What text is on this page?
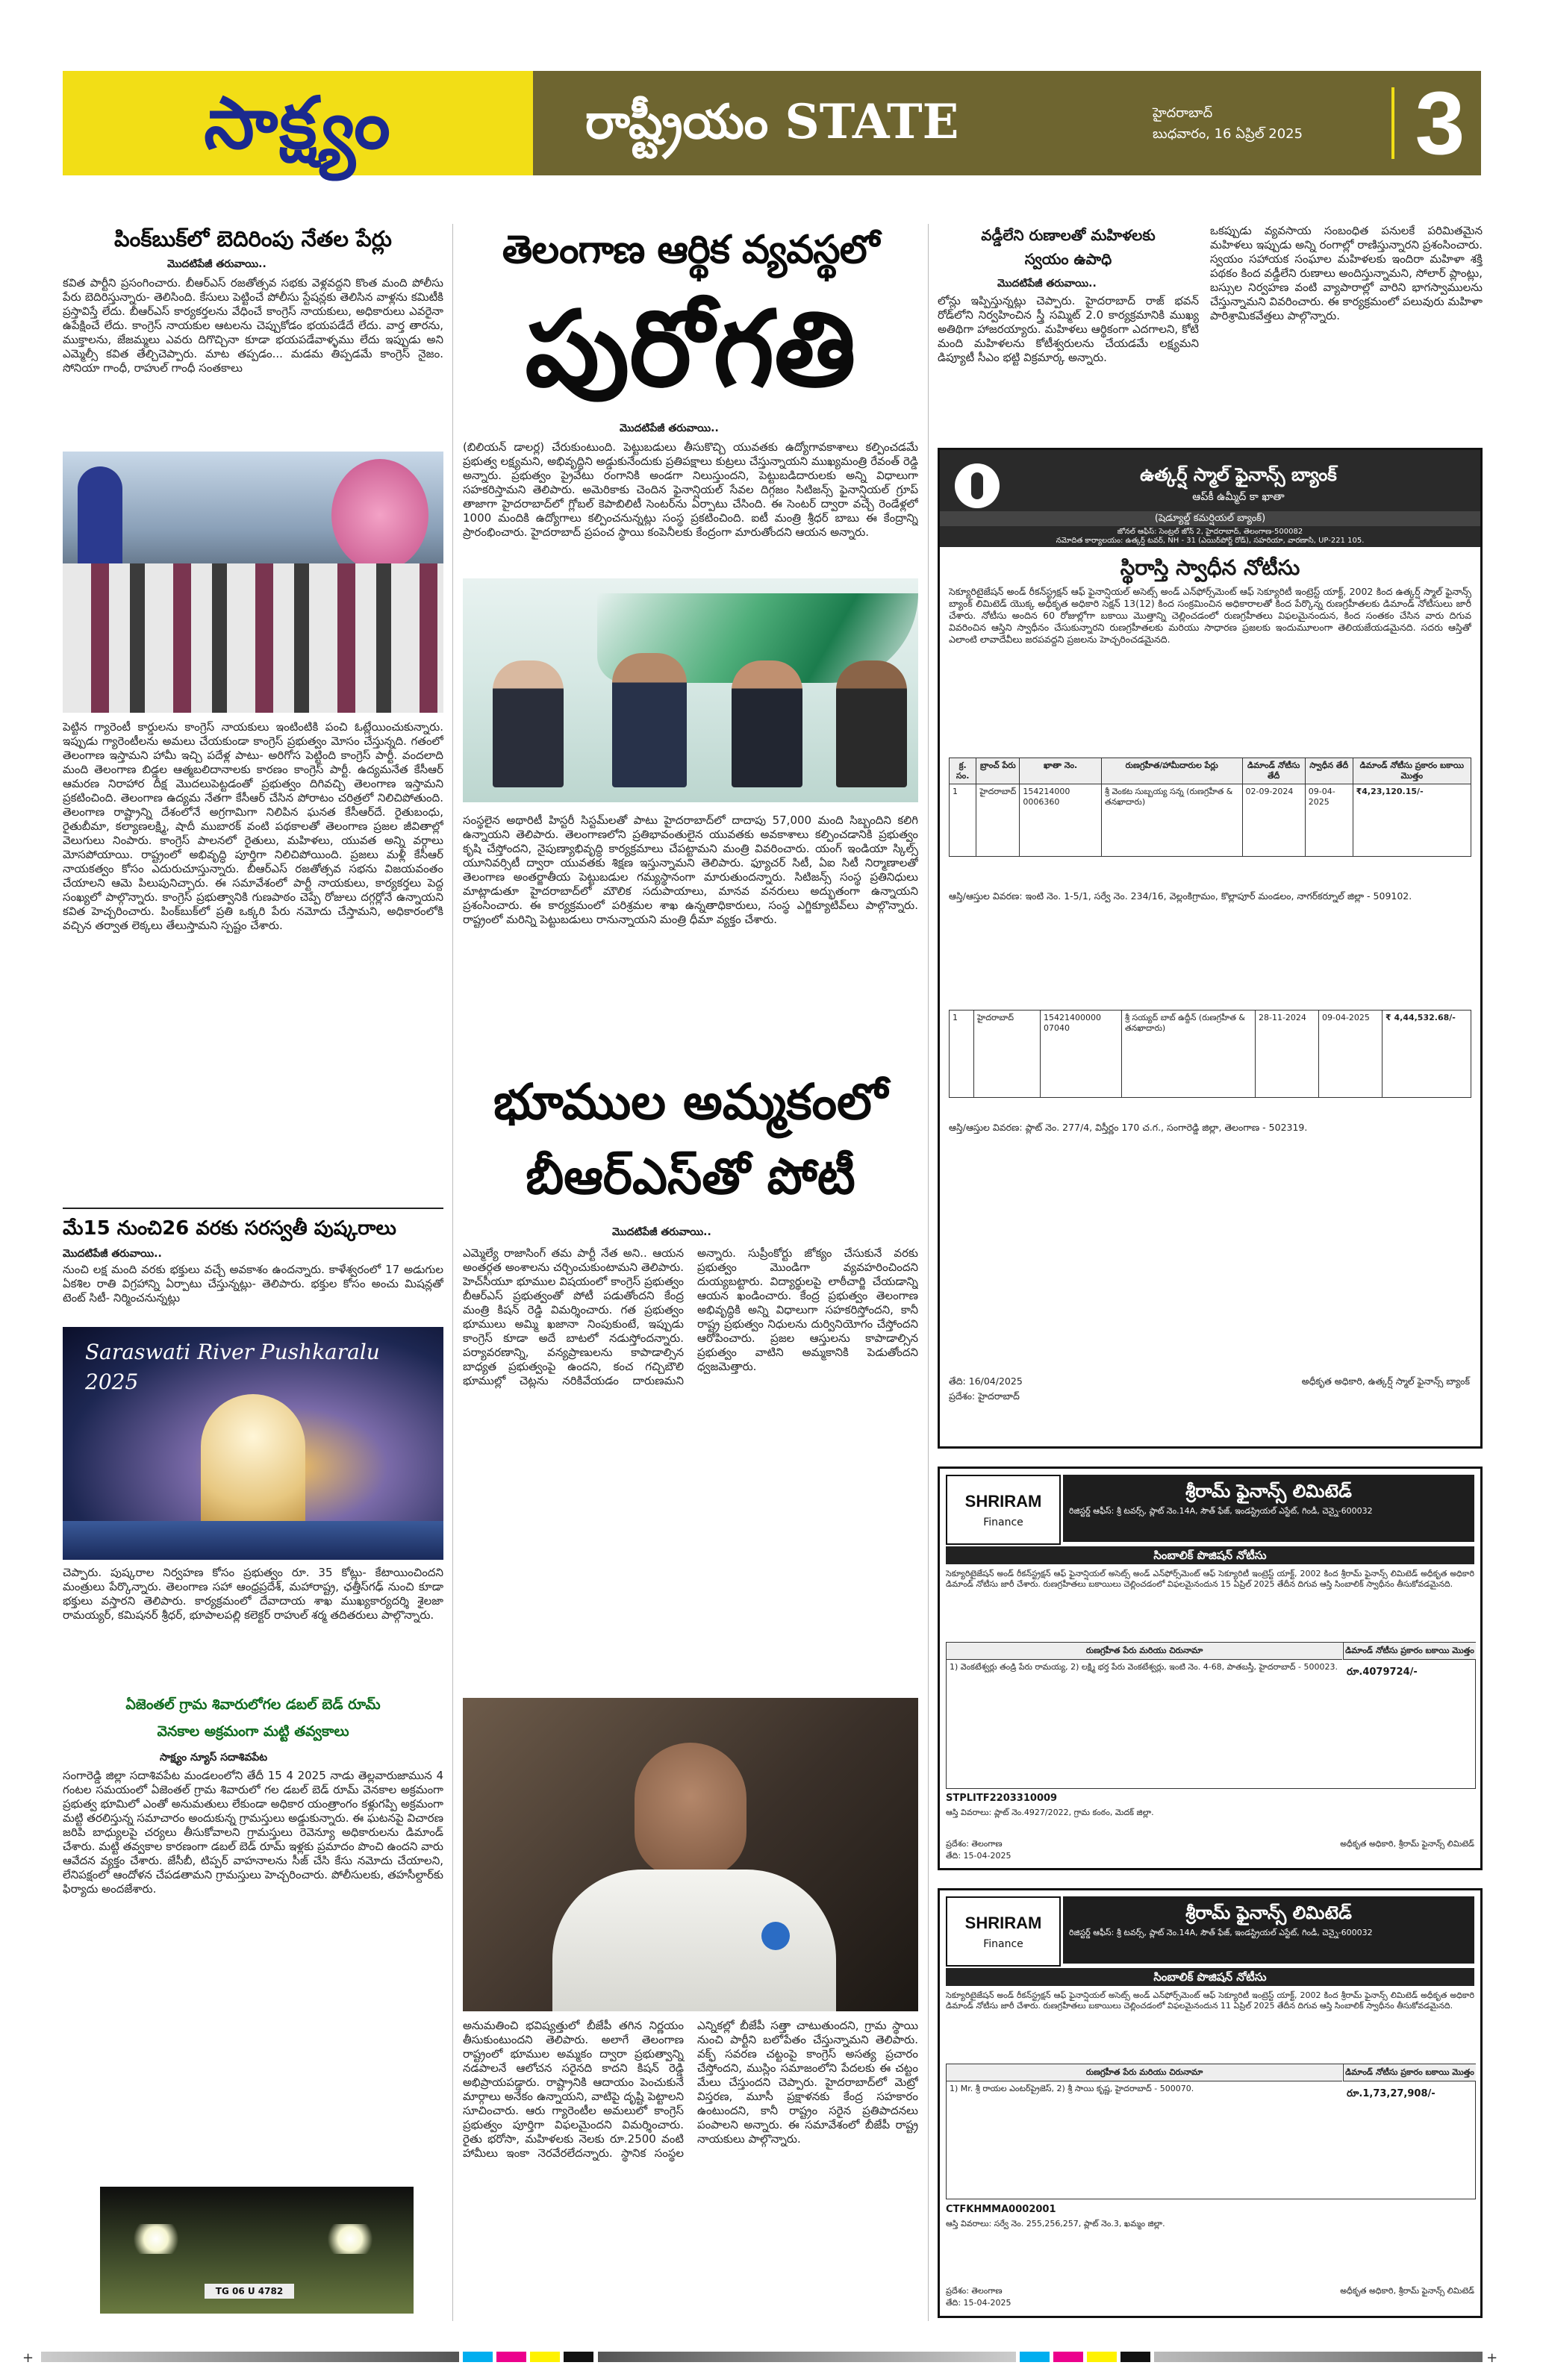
సాక్ష్యం	రాష్ట్రీయం STATE	హైదరాబాద్
బుధవారం, 16 ఏప్రిల్ 2025	3
పింక్‌బుక్‌లో బెదిరింపు నేతల పేర్లు
మొదటిపేజీ తరువాయి..
కవిత పార్టీని ప్రసంగించారు. బీఆర్‌ఎస్ రజతోత్సవ సభకు వెళ్లవద్దని కొంత మంది పోలీసు పేరు బెదిరిస్తున్నారు- తెలిసింది. కేసులు పెట్టించే పోలీసు స్టేషన్లకు తెలిసిన వాళ్లను కమిటీకి ప్రస్తావిస్తే లేదు. బీఆర్‌ఎస్ కార్యకర్తలను వేధించే కాంగ్రెస్ నాయకులు, అధికారులు ఎవరైనా ఉపేక్షించే లేదు. కాంగ్రెస్ నాయకుల ఆటలను చెప్పుకోడం భయపడేదే లేదు. వార్త తారను, ముక్తాలను, జేజమ్మలు ఎవరు దిగొచ్చినా కూడా భయపడేవాళ్ళము లేదు ఇప్పుడు అని ఎమ్మెల్సీ కవిత తేల్చిచెప్పారు. మాట తప్పడం... మడమ తిప్పడమే కాంగ్రెస్ నైజం. సోనియా గాంధీ, రాహుల్ గాంధీ సంతకాలు
పెట్టిన గ్యారెంటీ కార్డులను కాంగ్రెస్ నాయకులు ఇంటింటికి పంచి ఓట్లేయించుకున్నారు. ఇప్పుడు గ్యారెంటీలను అమలు చేయకుండా కాంగ్రెస్ ప్రభుత్వం మోసం చేస్తున్నది. గతంలో తెలంగాణ ఇస్తామని హామీ ఇచ్చి పదేళ్ల పాటు- అరిగోస పెట్టింది కాంగ్రెస్ పార్టీ. వందలాది మంది తెలంగాణ బిడ్డల ఆత్మబలిదానాలకు కారణం కాంగ్రెస్ పార్టీ. ఉద్యమనేత కేసీఆర్ ఆమరణ నిరాహార దీక్ష మొదలుపెట్టడంతో ప్రభుత్వం దిగివచ్చి తెలంగాణ ఇస్తామని ప్రకటించింది. తెలంగాణ ఉద్యమ నేతగా కేసీఆర్ చేసిన పోరాటం చరిత్రలో నిలిచిపోతుంది. తెలంగాణ రాష్ట్రాన్ని దేశంలోనే అగ్రగామిగా నిలిపిన ఘనత కేసీఆర్‌దే. రైతుబంధు, రైతుబీమా, కల్యాణలక్ష్మి, షాదీ ముబారక్ వంటి పథకాలతో తెలంగాణ ప్రజల జీవితాల్లో వెలుగులు నింపారు. కాంగ్రెస్ పాలనలో రైతులు, మహిళలు, యువత అన్ని వర్గాలు మోసపోయాయి. రాష్ట్రంలో అభివృద్ధి పూర్తిగా నిలిచిపోయింది. ప్రజలు మళ్లీ కేసీఆర్ నాయకత్వం కోసం ఎదురుచూస్తున్నారు. బీఆర్‌ఎస్ రజతోత్సవ సభను విజయవంతం చేయాలని ఆమె పిలుపునిచ్చారు. ఈ సమావేశంలో పార్టీ నాయకులు, కార్యకర్తలు పెద్ద సంఖ్యలో పాల్గొన్నారు. కాంగ్రెస్ ప్రభుత్వానికి గుణపాఠం చెప్పే రోజులు దగ్గర్లోనే ఉన్నాయని కవిత హెచ్చరించారు. పింక్‌బుక్‌లో ప్రతి ఒక్కరి పేరు నమోదు చేస్తామని, అధికారంలోకి వచ్చిన తర్వాత లెక్కలు తేలుస్తామని స్పష్టం చేశారు.
మే15 నుంచి26 వరకు సరస్వతీ పుష్కరాలు
మొదటిపేజీ తరువాయి..
నుంచి లక్ష మంది వరకు భక్తులు వచ్చే అవకాశం ఉందన్నారు. కాళేశ్వరంలో 17 అడుగుల ఏకశిల రాతి విగ్రహాన్ని ఏర్పాటు చేస్తున్నట్లు- తెలిపారు. భక్తుల కోసం అంచు మిషన్లతో టెంట్ సిటీ- నిర్మించనున్నట్లు
Saraswati River Pushkaralu 2025
చెప్పారు. పుష్కరాల నిర్వహణ కోసం ప్రభుత్వం రూ. 35 కోట్లు- కేటాయించిందని మంత్రులు పేర్కొన్నారు. తెలంగాణ సహా ఆంధ్రప్రదేశ్, మహారాష్ట్ర, ఛత్తీస్‌గఢ్ నుంచి కూడా భక్తులు వస్తారని తెలిపారు. కార్యక్రమంలో దేవాదాయ శాఖ ముఖ్యకార్యదర్శి శైలజా రామయ్యర్, కమిషనర్ శ్రీధర్, భూపాలపల్లి కలెక్టర్ రాహుల్ శర్మ తదితరులు పాల్గొన్నారు.
ఏజెంతల్ గ్రామ శివారులోగల డబల్ బెడ్ రూమ్
వెనకాల అక్రమంగా మట్టి తవ్వకాలు
సాక్ష్యం న్యూస్ సదాశివపేట
సంగారెడ్డి జిల్లా సదాశివపేట మండలంలోని తేదీ 15 4 2025 నాడు తెల్లవారుజామున 4 గంటల సమయంలో ఏజెంతల్ గ్రామ శివారులో గల డబల్ బెడ్ రూమ్ వెనకాల అక్రమంగా ప్రభుత్వ భూమిలో ఎంతో అనుమతులు లేకుండా అధికార యంత్రాంగం కళ్లుగప్పి అక్రమంగా మట్టి తరలిస్తున్న సమాచారం అందుకున్న గ్రామస్తులు అడ్డుకున్నారు. ఈ ఘటనపై విచారణ జరిపి బాధ్యులపై చర్యలు తీసుకోవాలని గ్రామస్తులు రెవెన్యూ అధికారులను డిమాండ్ చేశారు. మట్టి తవ్వకాల కారణంగా డబల్ బెడ్ రూమ్ ఇళ్లకు ప్రమాదం పొంచి ఉందని వారు ఆవేదన వ్యక్తం చేశారు. జేసీబీ, టిప్పర్ వాహనాలను సీజ్ చేసి కేసు నమోదు చేయాలని, లేనిపక్షంలో ఆందోళన చేపడతామని గ్రామస్తులు హెచ్చరించారు. పోలీసులకు, తహసీల్దార్‌కు ఫిర్యాదు అందజేశారు.
TG 06 U 4782
తెలంగాణ ఆర్థిక వ్యవస్థలో
పురోగతి
మొదటిపేజీ తరువాయి..
(బిలియన్ డాలర్ల) చేరుకుంటుంది. పెట్టుబడులు తీసుకొచ్చి యువతకు ఉద్యోగావకాశాలు కల్పించడమే ప్రభుత్వ లక్ష్యమని, అభివృద్ధిని అడ్డుకునేందుకు ప్రతిపక్షాలు కుట్రలు చేస్తున్నాయని ముఖ్యమంత్రి రేవంత్ రెడ్డి అన్నారు. ప్రభుత్వం ప్రైవేటు రంగానికి అండగా నిలుస్తుందని, పెట్టుబడిదారులకు అన్ని విధాలుగా సహకరిస్తామని తెలిపారు. అమెరికాకు చెందిన ఫైనాన్షియల్ సేవల దిగ్గజం సిటిజన్స్ ఫైనాన్షియల్ గ్రూప్ తాజాగా హైదరాబాద్‌లో గ్లోబల్ కెపాబిలిటీ సెంటర్‌ను ఏర్పాటు చేసింది. ఈ సెంటర్ ద్వారా వచ్చే రెండేళ్లలో 1000 మందికి ఉద్యోగాలు కల్పించనున్నట్లు సంస్థ ప్రకటించింది. ఐటీ మంత్రి శ్రీధర్ బాబు ఈ కేంద్రాన్ని ప్రారంభించారు. హైదరాబాద్ ప్రపంచ స్థాయి కంపెనీలకు కేంద్రంగా మారుతోందని ఆయన అన్నారు.
సంస్థలైన అథారిటీ హిస్టరీ సిస్టమ్‌లతో పాటు హైదరాబాద్‌లో దాదాపు 57,000 మంది సిబ్బందిని కలిగి ఉన్నాయని తెలిపారు. తెలంగాణలోని ప్రతిభావంతులైన యువతకు అవకాశాలు కల్పించడానికి ప్రభుత్వం కృషి చేస్తోందని, నైపుణ్యాభివృద్ధి కార్యక్రమాలు చేపట్టామని మంత్రి వివరించారు. యంగ్ ఇండియా స్కిల్స్ యూనివర్సిటీ ద్వారా యువతకు శిక్షణ ఇస్తున్నామని తెలిపారు. ఫ్యూచర్ సిటీ, ఏఐ సిటీ నిర్మాణాలతో తెలంగాణ అంతర్జాతీయ పెట్టుబడుల గమ్యస్థానంగా మారుతుందన్నారు. సిటిజన్స్ సంస్థ ప్రతినిధులు మాట్లాడుతూ హైదరాబాద్‌లో మౌలిక సదుపాయాలు, మానవ వనరులు అద్భుతంగా ఉన్నాయని ప్రశంసించారు. ఈ కార్యక్రమంలో పరిశ్రమల శాఖ ఉన్నతాధికారులు, సంస్థ ఎగ్జిక్యూటివ్‌లు పాల్గొన్నారు. రాష్ట్రంలో మరిన్ని పెట్టుబడులు రానున్నాయని మంత్రి ధీమా వ్యక్తం చేశారు.
భూముల అమ్మకంలో
బీఆర్ఎస్‌తో పోటీ
మొదటిపేజీ తరువాయి..
ఎమ్మెల్యే రాజాసింగ్ తమ పార్టీ నేత అని.. ఆయన అంతర్గత అంశాలను చర్చించుకుంటామని తెలిపారు. హెచ్‌సీయూ భూముల విషయంలో కాంగ్రెస్ ప్రభుత్వం బీఆర్ఎస్ ప్రభుత్వంతో పోటీ పడుతోందని కేంద్ర మంత్రి కిషన్ రెడ్డి విమర్శించారు. గత ప్రభుత్వం భూములు అమ్మి ఖజానా నింపుకుంటే, ఇప్పుడు కాంగ్రెస్ కూడా అదే బాటలో నడుస్తోందన్నారు. పర్యావరణాన్ని, వన్యప్రాణులను కాపాడాల్సిన బాధ్యత ప్రభుత్వంపై ఉందని, కంచ గచ్చిబౌలి భూముల్లో చెట్లను నరికివేయడం దారుణమని అన్నారు. సుప్రీంకోర్టు జోక్యం చేసుకునే వరకు ప్రభుత్వం మొండిగా వ్యవహరించిందని దుయ్యబట్టారు. విద్యార్థులపై లాఠీచార్జి చేయడాన్ని ఆయన ఖండించారు. కేంద్ర ప్రభుత్వం తెలంగాణ అభివృద్ధికి అన్ని విధాలుగా సహకరిస్తోందని, కానీ రాష్ట్ర ప్రభుత్వం నిధులను దుర్వినియోగం చేస్తోందని ఆరోపించారు. ప్రజల ఆస్తులను కాపాడాల్సిన ప్రభుత్వం వాటిని అమ్మకానికి పెడుతోందని ధ్వజమెత్తారు.
అనుమతించి భవిష్యత్తులో బీజేపీ తగిన నిర్ణయం తీసుకుంటుందని తెలిపారు. అలాగే తెలంగాణ రాష్ట్రంలో భూముల అమ్మకం ద్వారా ప్రభుత్వాన్ని నడపాలనే ఆలోచన సరైనది కాదని కిషన్ రెడ్డి అభిప్రాయపడ్డారు. రాష్ట్రానికి ఆదాయం పెంచుకునే మార్గాలు అనేకం ఉన్నాయని, వాటిపై దృష్టి పెట్టాలని సూచించారు. ఆరు గ్యారెంటీల అమలులో కాంగ్రెస్ ప్రభుత్వం పూర్తిగా విఫలమైందని విమర్శించారు. రైతు భరోసా, మహిళలకు నెలకు రూ.2500 వంటి హామీలు ఇంకా నెరవేరలేదన్నారు. స్థానిక సంస్థల ఎన్నికల్లో బీజేపీ సత్తా చాటుతుందని, గ్రామ స్థాయి నుంచి పార్టీని బలోపేతం చేస్తున్నామని తెలిపారు. వక్ఫ్ సవరణ చట్టంపై కాంగ్రెస్ అసత్య ప్రచారం చేస్తోందని, ముస్లిం సమాజంలోని పేదలకు ఈ చట్టం మేలు చేస్తుందని చెప్పారు. హైదరాబాద్‌లో మెట్రో విస్తరణ, మూసీ ప్రక్షాళనకు కేంద్ర సహకారం ఉంటుందని, కానీ రాష్ట్రం సరైన ప్రతిపాదనలు పంపాలని అన్నారు. ఈ సమావేశంలో బీజేపీ రాష్ట్ర నాయకులు పాల్గొన్నారు.
వడ్డీలేని రుణాలతో మహిళలకు
స్వయం ఉపాధి
మొదటిపేజీ తరువాయి..
లోన్లు ఇప్పిస్తున్నట్లు చెప్పారు. హైదరాబాద్ రాజ్ భవన్ రోడ్‌లోని నిర్వహించిన స్త్రీ సమ్మిట్ 2.0 కార్యక్రమానికి ముఖ్య అతిథిగా హాజరయ్యారు. మహిళలు ఆర్థికంగా ఎదగాలని, కోటి మంది మహిళలను కోటీశ్వరులను చేయడమే లక్ష్యమని డిప్యూటీ సీఎం భట్టి విక్రమార్క అన్నారు.
ఒకప్పుడు వ్యవసాయ సంబంధిత పనులకే పరిమితమైన మహిళలు ఇప్పుడు అన్ని రంగాల్లో రాణిస్తున్నారని ప్రశంసించారు. స్వయం సహాయక సంఘాల మహిళలకు ఇందిరా మహిళా శక్తి పథకం కింద వడ్డీలేని రుణాలు అందిస్తున్నామని, సోలార్ ప్లాంట్లు, బస్సుల నిర్వహణ వంటి వ్యాపారాల్లో వారిని భాగస్వాములను చేస్తున్నామని వివరించారు. ఈ కార్యక్రమంలో పలువురు మహిళా పారిశ్రామికవేత్తలు పాల్గొన్నారు.
ఉత్కర్ష్ స్మాల్ ఫైనాన్స్ బ్యాంక్
ఆప్‌కీ ఉమ్మీద్ కా ఖాతా
(షెడ్యూల్డ్ కమర్షియల్ బ్యాంక్)
జోనల్ ఆఫీస్: సెంట్రల్ జోన్ 2, హైదరాబాద్, తెలంగాణ-500082
నమోదిత కార్యాలయం: ఉత్కర్ష్ టవర్, NH - 31 (ఎయిర్‌పోర్ట్ రోడ్), సహరియా, వారణాసి, UP-221 105.
స్థిరాస్తి స్వాధీన నోటీసు
సెక్యూరిటైజేషన్ అండ్ రీకన్‌స్ట్రక్షన్ ఆఫ్ ఫైనాన్షియల్ అసెట్స్ అండ్ ఎన్‌ఫోర్స్‌మెంట్ ఆఫ్ సెక్యూరిటీ ఇంట్రెస్ట్ యాక్ట్, 2002 కింద ఉత్కర్ష్ స్మాల్ ఫైనాన్స్ బ్యాంక్ లిమిటెడ్ యొక్క అధీకృత అధికారి సెక్షన్ 13(12) కింద సంక్రమించిన అధికారాలతో కింద పేర్కొన్న రుణగ్రహీతలకు డిమాండ్ నోటీసులు జారీ చేశారు. నోటీసు అందిన 60 రోజుల్లోగా బకాయి మొత్తాన్ని చెల్లించడంలో రుణగ్రహీతలు విఫలమైనందున, కింద సంతకం చేసిన వారు దిగువ వివరించిన ఆస్తిని స్వాధీనం చేసుకున్నారని రుణగ్రహీతలకు మరియు సాధారణ ప్రజలకు ఇందుమూలంగా తెలియజేయడమైనది. సదరు ఆస్తితో ఎలాంటి లావాదేవీలు జరపవద్దని ప్రజలను హెచ్చరించడమైనది.
క్ర. సం.	బ్రాంచ్ పేరు	ఖాతా నెం.	రుణగ్రహీత/హామీదారుల పేర్లు	డిమాండ్ నోటీసు తేదీ	స్వాధీన తేదీ	డిమాండ్ నోటీసు ప్రకారం బకాయి మొత్తం
1	హైదరాబాద్	154214000 0006360	శ్రీ వెంకట సుబ్బయ్య సన్న (రుణగ్రహీత & తనఖాదారు)	02-09-2024	09-04-2025	₹4,23,120.15/-
ఆస్తి/ఆస్తుల వివరణ: ఇంటి నెం. 1-5/1, సర్వే నెం. 234/16, వెల్లంకిగ్రామం, కొల్లాపూర్ మండలం, నాగర్‌కర్నూల్ జిల్లా - 509102.
1	హైదరాబాద్	15421400000 07040	శ్రీ సయ్యద్ బాబ్ ఉద్దీన్ (రుణగ్రహీత & తనఖాదారు)	28-11-2024	09-04-2025	₹ 4,44,532.68/-
ఆస్తి/ఆస్తుల వివరణ: ప్లాట్ నెం. 277/4, విస్తీర్ణం 170 చ.గ., సంగారెడ్డి జిల్లా, తెలంగాణ - 502319.
తేది: 16/04/2025
ప్రదేశం: హైదరాబాద్
అధీకృత అధికారి, ఉత్కర్ష్ స్మాల్ ఫైనాన్స్ బ్యాంక్
SHRIRAM
Finance
శ్రీరామ్ ఫైనాన్స్ లిమిటెడ్
రిజిస్టర్డ్ ఆఫీస్: శ్రీ టవర్స్, ప్లాట్ నెం.14A, సౌత్ ఫేజ్, ఇండస్ట్రియల్ ఎస్టేట్, గిండీ, చెన్నై-600032
సింబాలిక్ పొజిషన్ నోటీసు
సెక్యూరిటైజేషన్ అండ్ రీకన్‌స్ట్రక్షన్ ఆఫ్ ఫైనాన్షియల్ అసెట్స్ అండ్ ఎన్‌ఫోర్స్‌మెంట్ ఆఫ్ సెక్యూరిటీ ఇంట్రెస్ట్ యాక్ట్, 2002 కింద శ్రీరామ్ ఫైనాన్స్ లిమిటెడ్ అధీకృత అధికారి డిమాండ్ నోటీసు జారీ చేశారు. రుణగ్రహీతలు బకాయిలు చెల్లించడంలో విఫలమైనందున 15 ఏప్రిల్ 2025 తేదీన దిగువ ఆస్తి సింబాలిక్ స్వాధీనం తీసుకోవడమైనది.
రుణగ్రహీత పేరు మరియు చిరునామా	డిమాండ్ నోటీసు ప్రకారం బకాయి మొత్తం
1) వెంకటేశ్వర్లు తండ్రి పేరు రామయ్య, 2) లక్ష్మి భర్త పేరు వెంకటేశ్వర్లు, ఇంటి నెం. 4-68, పాతబస్తీ, హైదరాబాద్ - 500023. రూ.4079724/-
STPLITF2203310009
ఆస్తి వివరాలు: ప్లాట్ నెం.4927/2022, గ్రామ కంఠం, మెదక్ జిల్లా.
ప్రదేశం: తెలంగాణ
తేది: 15-04-2025
అధీకృత అధికారి, శ్రీరామ్ ఫైనాన్స్ లిమిటెడ్
SHRIRAM
Finance
శ్రీరామ్ ఫైనాన్స్ లిమిటెడ్
రిజిస్టర్డ్ ఆఫీస్: శ్రీ టవర్స్, ప్లాట్ నెం.14A, సౌత్ ఫేజ్, ఇండస్ట్రియల్ ఎస్టేట్, గిండీ, చెన్నై-600032
సింబాలిక్ పొజిషన్ నోటీసు
సెక్యూరిటైజేషన్ అండ్ రీకన్‌స్ట్రక్షన్ ఆఫ్ ఫైనాన్షియల్ అసెట్స్ అండ్ ఎన్‌ఫోర్స్‌మెంట్ ఆఫ్ సెక్యూరిటీ ఇంట్రెస్ట్ యాక్ట్, 2002 కింద శ్రీరామ్ ఫైనాన్స్ లిమిటెడ్ అధీకృత అధికారి డిమాండ్ నోటీసు జారీ చేశారు. రుణగ్రహీతలు బకాయిలు చెల్లించడంలో విఫలమైనందున 11 ఏప్రిల్ 2025 తేదీన దిగువ ఆస్తి సింబాలిక్ స్వాధీనం తీసుకోవడమైనది.
రుణగ్రహీత పేరు మరియు చిరునామా	డిమాండ్ నోటీసు ప్రకారం బకాయి మొత్తం
1) Mr. శ్రీ రాయల ఎంటర్‌ప్రైజెస్, 2) శ్రీ సాయి కృష్ణ, హైదరాబాద్ - 500070.	రూ.1,73,27,908/-
CTFKHMMA0002001
ఆస్తి వివరాలు: సర్వే నెం. 255,256,257, ప్లాట్ నెం.3, ఖమ్మం జిల్లా.
ప్రదేశం: తెలంగాణ
తేది: 15-04-2025
అధీకృత అధికారి, శ్రీరామ్ ఫైనాన్స్ లిమిటెడ్
+	+
